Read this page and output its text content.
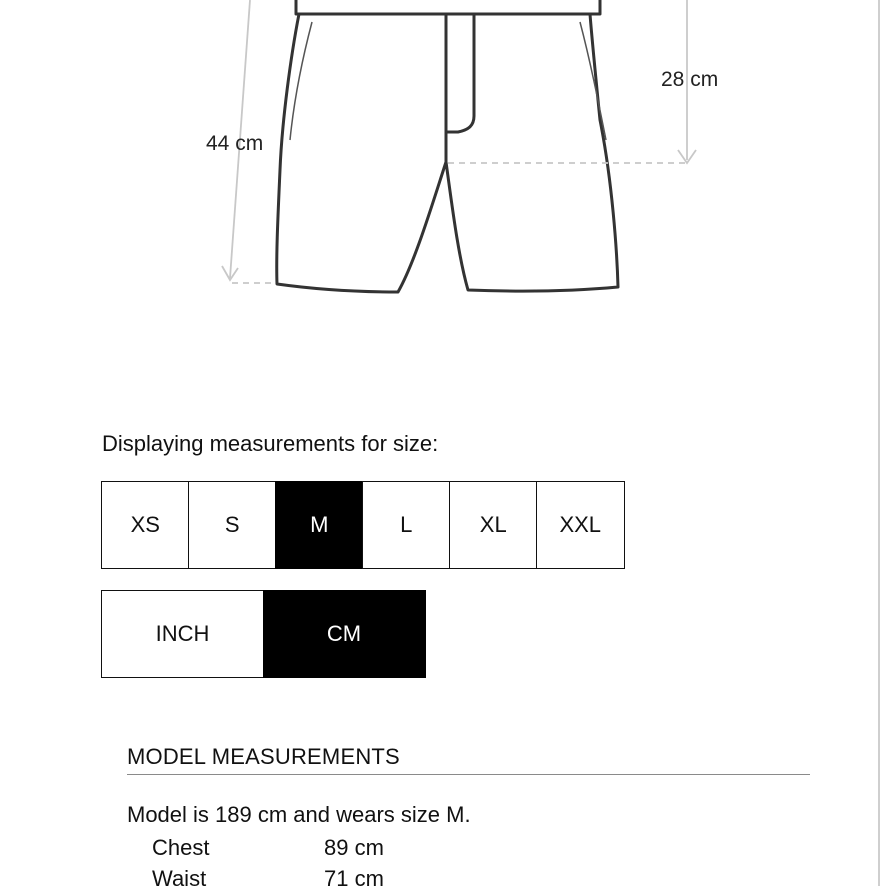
44 cm
28 cm
Displaying measurements for size:
XS	S	M	L	XL	XXL
INCH	CM
MODEL MEASUREMENTS
Model is 189 cm and wears size M.
Chest	89 cm
Waist	71 cm
